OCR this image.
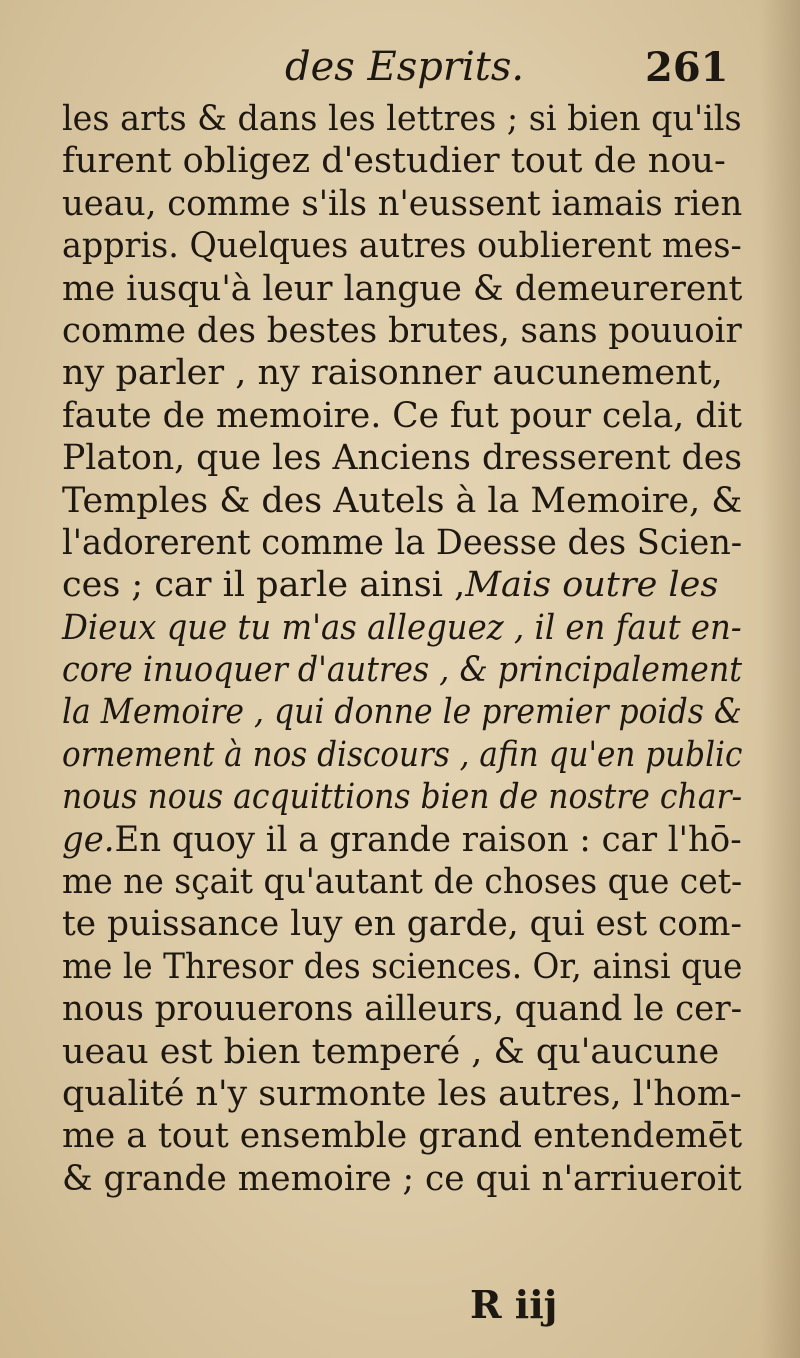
des Esprits.	261
les arts & dans les lettres ; si bien qu'ils
furent obligez d'estudier tout de nou-
ueau, comme s'ils n'eussent iamais rien
appris. Quelques autres oublierent mes-
me iusqu'à leur langue & demeurerent
comme des bestes brutes, sans pouuoir
ny parler , ny raisonner aucunement,
faute de memoire. Ce fut pour cela, dit
Platon, que les Anciens dresserent des
Temples & des Autels à la Memoire, &
l'adorerent comme la Deesse des Scien-
ces ; car il parle ainsi , Mais outre les
Dieux que tu m'as alleguez , il en faut en-
core inuoquer d'autres , & principalement
la Memoire , qui donne le premier poids &
ornement à nos discours , afin qu'en public
nous nous acquittions bien de nostre char-
ge. En quoy il a grande raison : car l'hō-
me ne sçait qu'autant de choses que cet-
te puissance luy en garde, qui est com-
me le Thresor des sciences. Or, ainsi que
nous prouuerons ailleurs, quand le cer-
ueau est bien temperé , & qu'aucune
qualité n'y surmonte les autres, l'hom-
me a tout ensemble grand entendemēt
& grande memoire ; ce qui n'arriueroit
R iij
